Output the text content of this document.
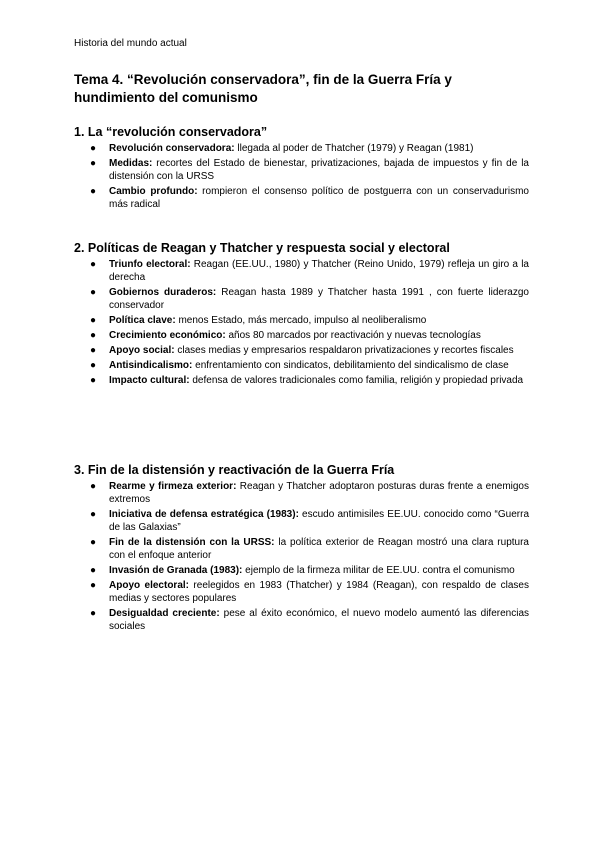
Historia del mundo actual
Tema 4. “Revolución conservadora”, fin de la Guerra Fría y hundimiento del comunismo
1. La “revolución conservadora”
● Revolución conservadora: llegada al poder de Thatcher (1979) y Reagan (1981)
● Medidas: recortes del Estado de bienestar, privatizaciones, bajada de impuestos y fin de la distensión con la URSS
● Cambio profundo: rompieron el consenso político de postguerra con un conservadurismo más radical
2. Políticas de Reagan y Thatcher y respuesta social y electoral
● Triunfo electoral: Reagan (EE.UU., 1980) y Thatcher (Reino Unido, 1979) refleja un giro a la derecha
● Gobiernos duraderos: Reagan hasta 1989 y Thatcher hasta 1991 , con fuerte liderazgo conservador
● Política clave: menos Estado, más mercado, impulso al neoliberalismo
● Crecimiento económico: años 80 marcados por reactivación y nuevas tecnologías
● Apoyo social: clases medias y empresarios respaldaron privatizaciones y recortes fiscales
● Antisindicalismo: enfrentamiento con sindicatos, debilitamiento del sindicalismo de clase
● Impacto cultural: defensa de valores tradicionales como familia, religión y propiedad privada
3. Fin de la distensión y reactivación de la Guerra Fría
● Rearme y firmeza exterior: Reagan y Thatcher adoptaron posturas duras frente a enemigos extremos
● Iniciativa de defensa estratégica (1983): escudo antimisiles EE.UU. conocido como “Guerra de las Galaxias”
● Fin de la distensión con la URSS: la política exterior de Reagan mostró una clara ruptura con el enfoque anterior
● Invasión de Granada (1983): ejemplo de la firmeza militar de EE.UU. contra el comunismo
● Apoyo electoral: reelegidos en 1983 (Thatcher) y 1984 (Reagan), con respaldo de clases medias y sectores populares
● Desigualdad creciente: pese al éxito económico, el nuevo modelo aumentó las diferencias sociales
